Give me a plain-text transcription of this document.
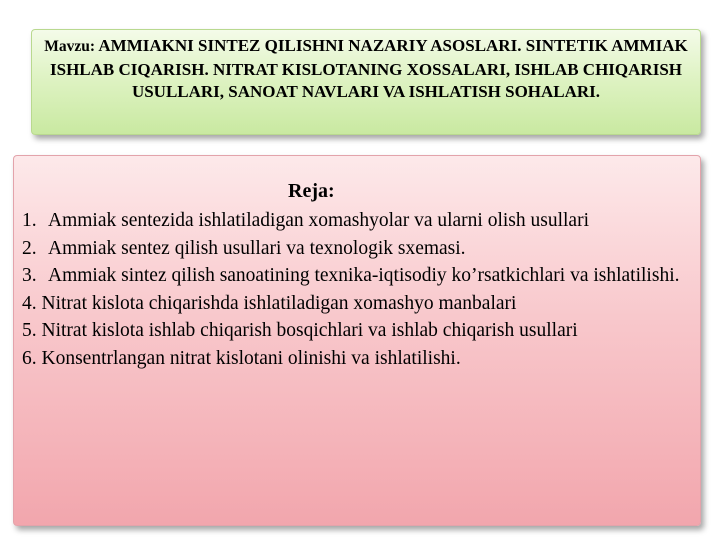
Mavzu: AMMIAKNI SINTEZ QILISHNI NAZARIY ASOSLARI. SINTETIK AMMIAK ISHLAB CIQARISH. NITRAT KISLOTANING XOSSALARI, ISHLAB CHIQARISH USULLARI, SANOAT NAVLARI VA ISHLATISH SOHALARI.
Reja:
1. Ammiak sentezida ishlatiladigan xomashyolar va ularni olish usullari
2. Ammiak sentez qilish usullari va texnologik sxemasi.
3. Ammiak sintez qilish sanoatining texnika-iqtisodiy ko’rsatkichlari va ishlatilishi.
4. Nitrat kislota chiqarishda ishlatiladigan xomashyo manbalari
5. Nitrat kislota ishlab chiqarish bosqichlari va ishlab chiqarish usullari
6. Konsentrlangan nitrat kislotani olinishi va ishlatilishi.
